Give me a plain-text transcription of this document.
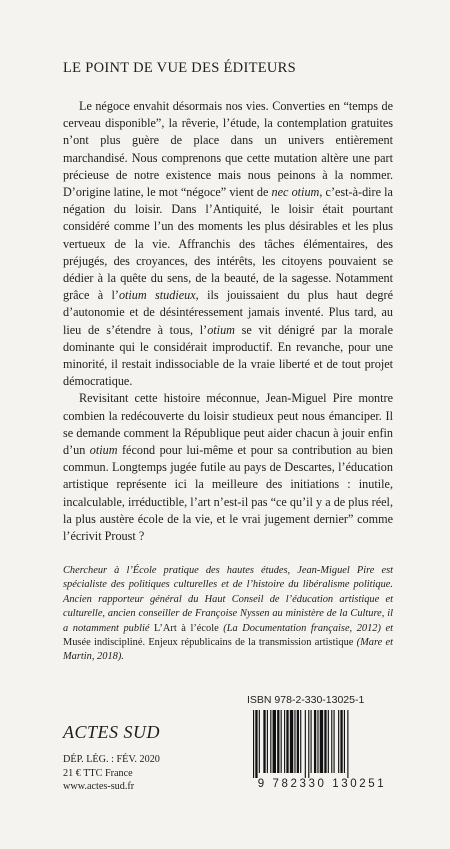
LE POINT DE VUE DES ÉDITEURS

Le négoce envahit désormais nos vies. Converties en “temps de cerveau disponible”, la rêverie, l’étude, la contemplation gratuites n’ont plus guère de place dans un univers entièrement marchandisé. Nous comprenons que cette mutation altère une part précieuse de notre existence mais nous peinons à la nommer. D’origine latine, le mot “négoce” vient de nec otium, c’est-à-dire la négation du loisir. Dans l’Antiquité, le loisir était pourtant considéré comme l’un des moments les plus désirables et les plus vertueux de la vie. Affranchis des tâches élémentaires, des préjugés, des croyances, des intérêts, les citoyens pouvaient se dédier à la quête du sens, de la beauté, de la sagesse. Notamment grâce à l’otium studieux, ils jouissaient du plus haut degré d’autonomie et de désintéressement jamais inventé. Plus tard, au lieu de s’étendre à tous, l’otium se vit dénigré par la morale dominante qui le considérait improductif. En revanche, pour une minorité, il restait indissociable de la vraie liberté et de tout projet démocratique.

Revisitant cette histoire méconnue, Jean-Miguel Pire montre combien la redécouverte du loisir studieux peut nous émanciper. Il se demande comment la République peut aider chacun à jouir enfin d’un otium fécond pour lui-même et pour sa contribution au bien commun. Longtemps jugée futile au pays de Descartes, l’éducation artistique représente ici la meilleure des initiations : inutile, incalculable, irréductible, l’art n’est-il pas “ce qu’il y a de plus réel, la plus austère école de la vie, et le vrai jugement dernier” comme l’écrivit Proust ?

Chercheur à l’École pratique des hautes études, Jean-Miguel Pire est spécialiste des politiques culturelles et de l’histoire du libéralisme politique. Ancien rapporteur général du Haut Conseil de l’éducation artistique et culturelle, ancien conseiller de Françoise Nyssen au ministère de la Culture, il a notamment publié L’Art à l’école (La Documentation française, 2012) et Musée indiscipliné. Enjeux républicains de la transmission artistique (Mare et Martin, 2018).
ISBN 978-2-330-13025-1
9 782330 130251
ACTES SUD
DÉP. LÉG. : FÉV. 2020
21 € TTC France
www.actes-sud.fr
